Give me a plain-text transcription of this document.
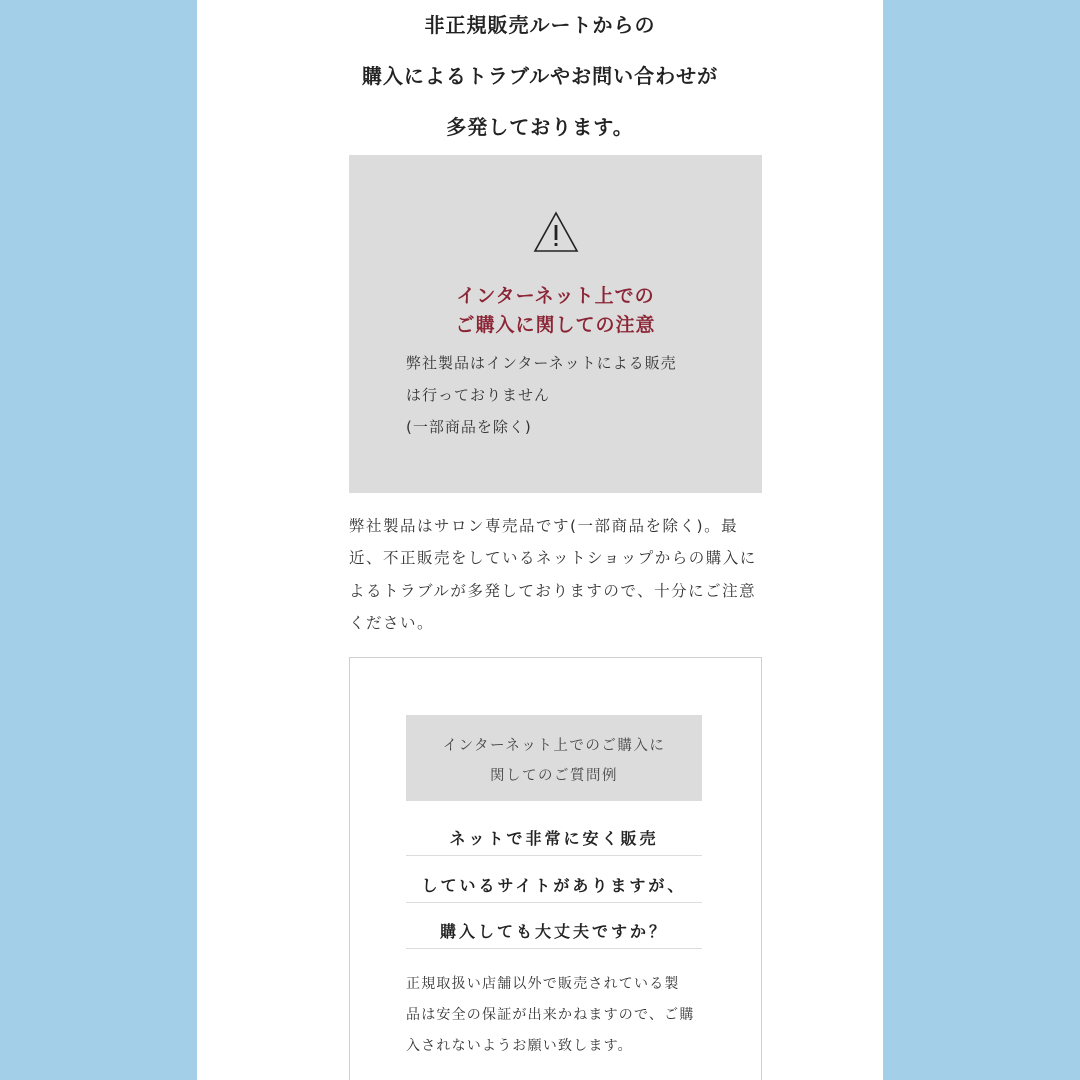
非正規販売ルートからの
購入によるトラブルやお問い合わせが
多発しております。
インターネット上での
ご購入に関しての注意
弊社製品はインターネットによる販売
は行っておりません
(一部商品を除く)
弊社製品はサロン専売品です(一部商品を除く)。最
近、不正販売をしているネットショップからの購入に
よるトラブルが多発しておりますので、十分にご注意
ください。
インターネット上でのご購入に
関してのご質問例
ネットで非常に安く販売
しているサイトがありますが、
購入しても大丈夫ですか？
正規取扱い店舗以外で販売されている製
品は安全の保証が出来かねますので、ご購
入されないようお願い致します。
